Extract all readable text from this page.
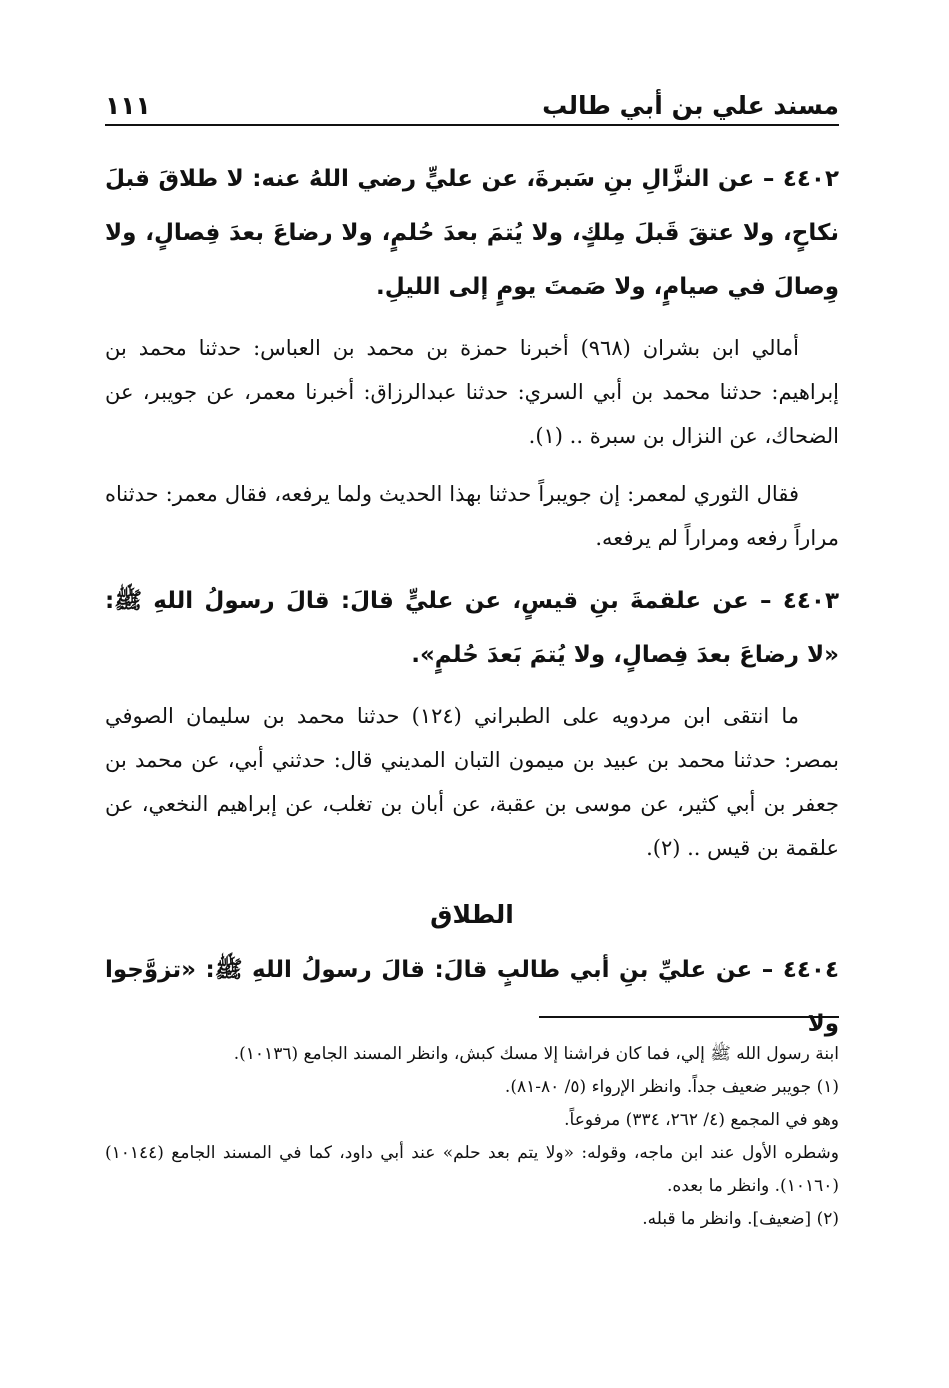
١١١	مسند علي بن أبي طالب

٤٤٠٢ – عن النزَّالِ بنِ سَبرةَ، عن عليٍّ رضي اللهُ عنه: لا طلاقَ قبلَ نكاحٍ، ولا عتقَ قَبلَ مِلكٍ، ولا يُتمَ بعدَ حُلمٍ، ولا رضاعَ بعدَ فِصالٍ، ولا وِصالَ في صيامٍ، ولا صَمتَ يومٍ إلى الليلِ.

أمالي ابن بشران (٩٦٨) أخبرنا حمزة بن محمد بن العباس: حدثنا محمد بن إبراهيم: حدثنا محمد بن أبي السري: حدثنا عبدالرزاق: أخبرنا معمر، عن جويبر، عن الضحاك، عن النزال بن سبرة .. (١).

فقال الثوري لمعمر: إن جويبراً حدثنا بهذا الحديث ولما يرفعه، فقال معمر: حدثناه مراراً رفعه ومراراً لم يرفعه.

٤٤٠٣ – عن علقمةَ بنِ قيسٍ، عن عليٍّ قالَ: قالَ رسولُ اللهِ ﷺ: «لا رضاعَ بعدَ فِصالٍ، ولا يُتمَ بَعدَ حُلمٍ».

ما انتقى ابن مردويه على الطبراني (١٢٤) حدثنا محمد بن سليمان الصوفي بمصر: حدثنا محمد بن عبيد بن ميمون التبان المديني قال: حدثني أبي، عن محمد بن جعفر بن أبي كثير، عن موسى بن عقبة، عن أبان بن تغلب، عن إبراهيم النخعي، عن علقمة بن قيس .. (٢).

الطلاق

٤٤٠٤ – عن عليِّ بنِ أبي طالبٍ قالَ: قالَ رسولُ اللهِ ﷺ: «تزوَّجوا ولا

ابنة رسول الله ﷺ إلي، فما كان فراشنا إلا مسك كبش، وانظر المسند الجامع (١٠١٣٦).

(١) جويبر ضعيف جداً. وانظر الإرواء (٥/ ٨٠-٨١).

وهو في المجمع (٤/ ٢٦٢، ٣٣٤) مرفوعاً.

وشطره الأول عند ابن ماجه، وقوله: «ولا يتم بعد حلم» عند أبي داود، كما في المسند الجامع (١٠١٤٤) (١٠١٦٠). وانظر ما بعده.

(٢) [ضعيف]. وانظر ما قبله.
